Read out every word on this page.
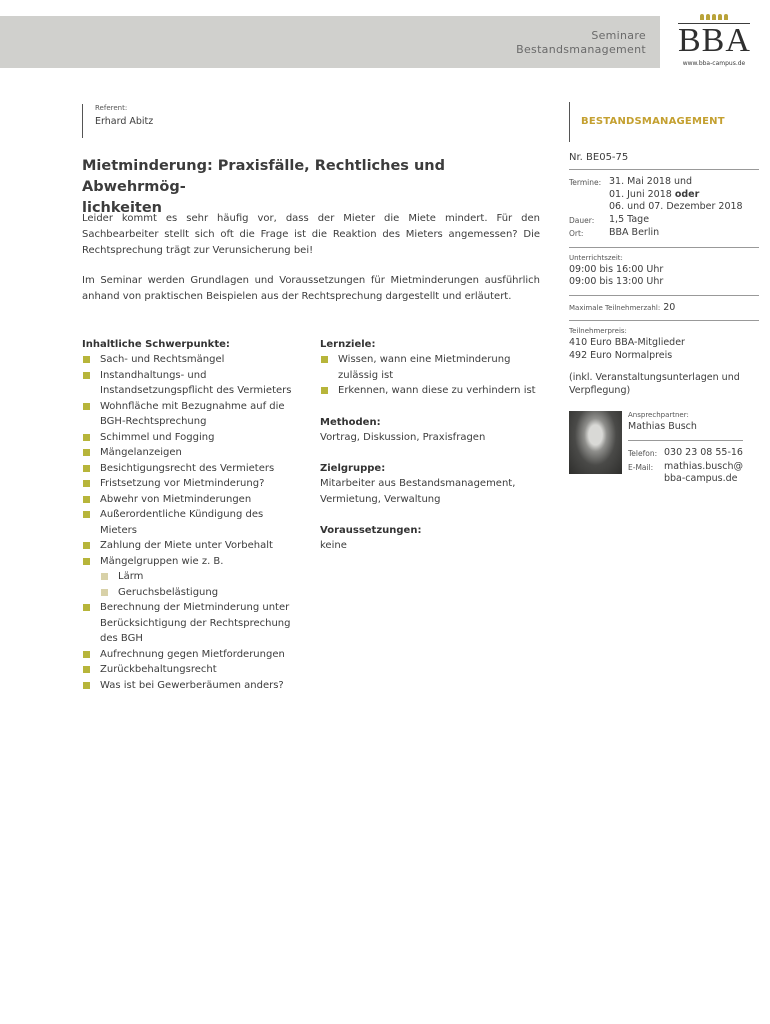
Seminare
Bestandsmanagement BBA
www.bba-campus.de
Referent:
Erhard Abitz
Mietminderung: Praxisfälle, Rechtliches und Abwehrmög-
lichkeiten

Leider kommt es sehr häufig vor, dass der Mieter die Miete mindert. Für den Sachbearbeiter stellt sich oft die Frage ist die Reaktion des Mieters angemessen? Die Rechtsprechung trägt zur Verunsicherung bei!

Im Seminar werden Grundlagen und Voraussetzungen für Mietminderungen ausführlich anhand von praktischen Beispielen aus der Rechtsprechung dargestellt und erläutert.

Inhaltliche Schwerpunkte:
Sach- und Rechtsmängel
Instandhaltungs- und Instandsetzungspflicht des Vermieters
Wohnfläche mit Bezugnahme auf die BGH-Rechtsprechung
Schimmel und Fogging
Mängelanzeigen
Besichtigungsrecht des Vermieters
Fristsetzung vor Mietminderung?
Abwehr von Mietminderungen
Außerordentliche Kündigung des Mieters
Zahlung der Miete unter Vorbehalt
Mängelgruppen wie z. B.
Lärm
Geruchsbelästigung
Berechnung der Mietminderung unter Berücksichtigung der Rechtsprechung des BGH
Aufrechnung gegen Mietforderungen
Zurückbehaltungsrecht
Was ist bei Gewerberäumen anders?
Lernziele:
Wissen, wann eine Mietminderung zulässig ist
Erkennen, wann diese zu verhindern ist
Methoden:
Vortrag, Diskussion, Praxisfragen
Zielgruppe:
Mitarbeiter aus Bestandsmanagement, Vermietung, Verwaltung
Voraussetzungen:
keine
BESTANDSMANAGEMENT
Nr. BE05-75
Termine: 31. Mai 2018 und
01. Juni 2018 oder
06. und 07. Dezember 2018
Dauer:	1,5 Tage
Ort:	BBA Berlin
Unterrichtszeit:
09:00 bis 16:00 Uhr
09:00 bis 13:00 Uhr
Maximale Teilnehmerzahl: 20
Teilnehmerpreis:
410 Euro BBA-Mitglieder
492 Euro Normalpreis
(inkl. Veranstaltungsunterlagen und Verpflegung)
Ansprechpartner:
Mathias Busch
Telefon: 030 23 08 55-16
E-Mail:	mathias.busch@
bba-campus.de
